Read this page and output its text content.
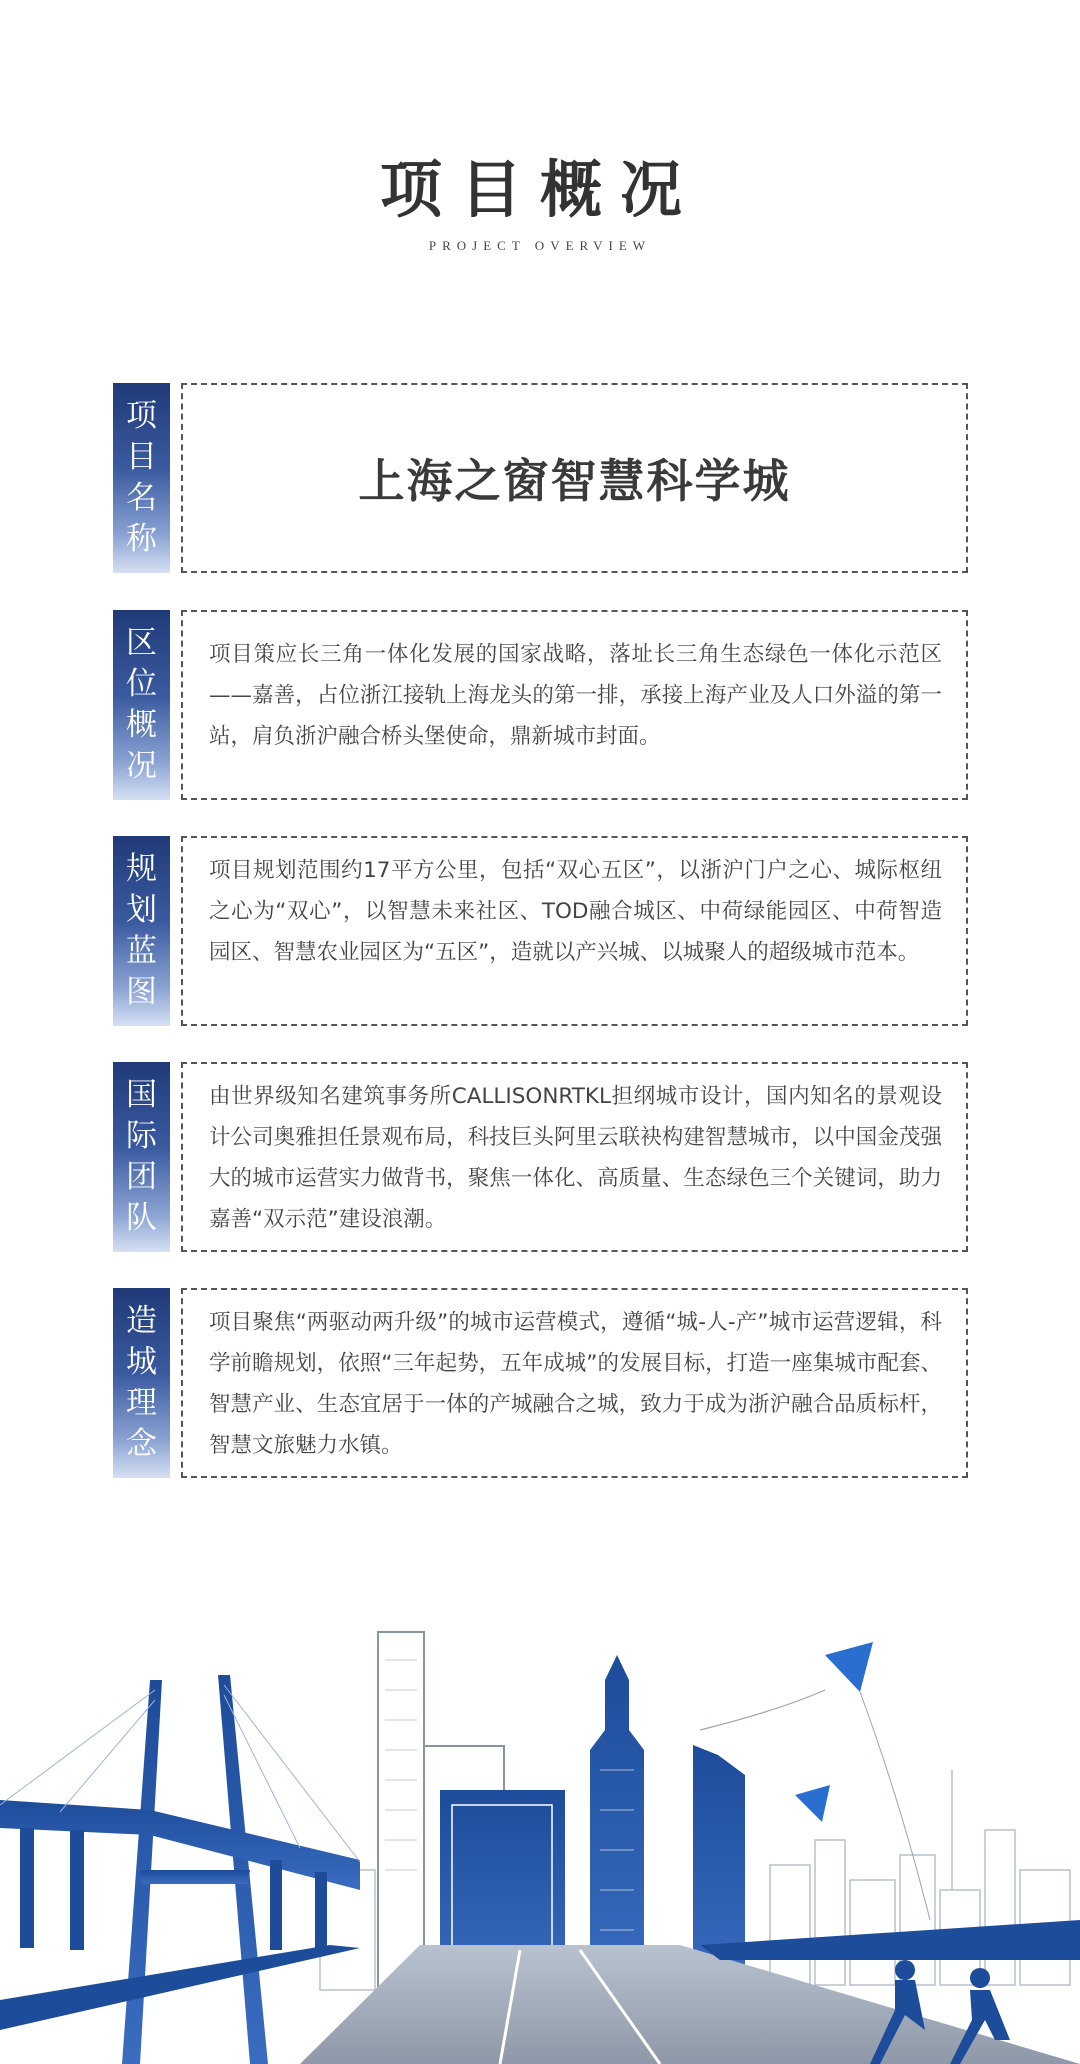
项目概况
PROJECT OVERVIEW
项
目
名
称
上海之窗智慧科学城
区
位
概
况

项目策应长三角一体化发展的国家战略，落址长三角生态绿色一体化示范区——嘉善，占位浙江接轨上海龙头的第一排，承接上海产业及人口外溢的第一站，肩负浙沪融合桥头堡使命，鼎新城市封面。

规
划
蓝
图

项目规划范围约17平方公里，包括“双心五区”，以浙沪门户之心、城际枢纽之心为“双心”，以智慧未来社区、TOD融合城区、中荷绿能园区、中荷智造园区、智慧农业园区为“五区”，造就以产兴城、以城聚人的超级城市范本。

国
际
团
队

由世界级知名建筑事务所CALLISONRTKL担纲城市设计，国内知名的景观设计公司奥雅担任景观布局，科技巨头阿里云联袂构建智慧城市，以中国金茂强大的城市运营实力做背书，聚焦一体化、高质量、生态绿色三个关键词，助力嘉善“双示范”建设浪潮。

造
城
理
念

项目聚焦“两驱动两升级”的城市运营模式，遵循“城-人-产”城市运营逻辑，科学前瞻规划，依照“三年起势，五年成城”的发展目标，打造一座集城市配套、智慧产业、生态宜居于一体的产城融合之城，致力于成为浙沪融合品质标杆，智慧文旅魅力水镇。
